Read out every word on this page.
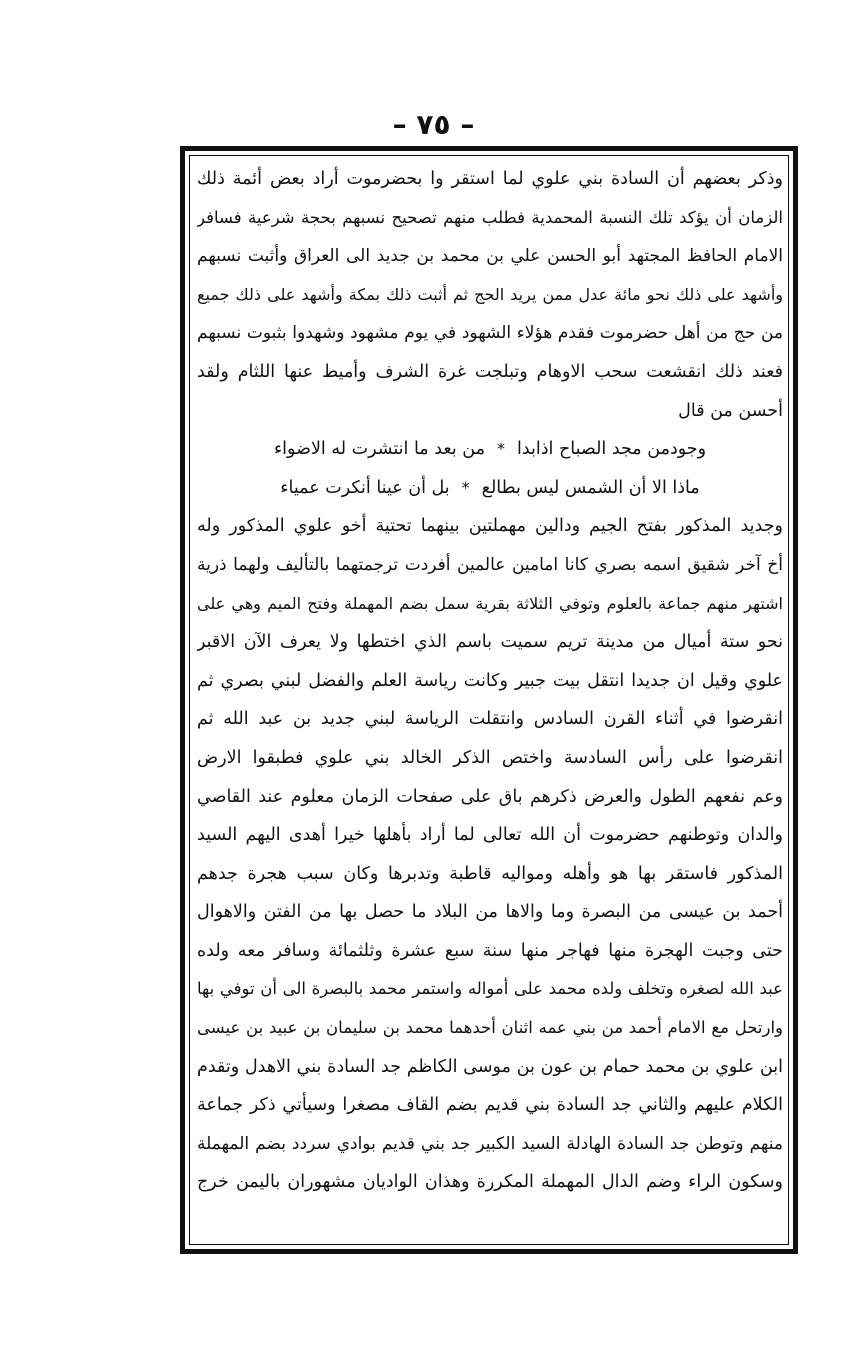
– ٧٥ –
وذكر بعضهم أن السادة بني علوي لما استقر وا بحضرموت أراد بعض أئمة ذلك
الزمان أن يؤكد تلك النسبة المحمدية فطلب منهم تصحيح نسبهم بحجة شرعية فسافر
الامام الحافظ المجتهد أبو الحسن علي بن محمد بن جديد الى العراق وأثبت نسبهم
وأشهد على ذلك نحو مائة عدل ممن يريد الحج ثم أثبت ذلك بمكة وأشهد على ذلك جميع
من حج من أهل حضرموت فقدم هؤلاء الشهود في يوم مشهود وشهدوا بثبوت نسبهم
فعند ذلك انقشعت سحب الاوهام وتبلجت غرة الشرف وأميط عنها اللثام ولقد
أحسن من قال
وجودمن مجد الصباح اذابدا
*
من بعد ما انتشرت له الاضواء
ماذا الا أن الشمس ليس بطالع
*
بل أن عينا أنكرت عمياء
وجديد المذكور بفتح الجيم ودالين مهملتين بينهما تحتية أخو علوي المذكور وله
أخ آخر شقيق اسمه بصري كانا امامين عالمين أفردت ترجمتهما بالتأليف ولهما ذرية
اشتهر منهم جماعة بالعلوم وتوفي الثلاثة بقرية سمل بضم المهملة وفتح الميم وهي على
نحو ستة أميال من مدينة تريم سميت باسم الذي اختطها ولا يعرف الآن الاقبر
علوي وقيل ان جديدا انتقل بيت جبير وكانت رياسة العلم والفضل لبني بصري ثم
انقرضوا في أثناء القرن السادس وانتقلت الرياسة لبني جديد بن عبد الله ثم
انقرضوا على رأس السادسة واختص الذكر الخالد بني علوي فطبقوا الارض
وعم نفعهم الطول والعرض ذكرهم باق على صفحات الزمان معلوم عند القاصي
والدان وتوطنهم حضرموت أن الله تعالى لما أراد بأهلها خيرا أهدى اليهم السيد
المذكور فاستقر بها هو وأهله ومواليه قاطبة وتدبرها وكان سبب هجرة جدهم
أحمد بن عيسى من البصرة وما والاها من البلاد ما حصل بها من الفتن والاهوال
حتى وجبت الهجرة منها فهاجر منها سنة سبع عشرة وثلثمائة وسافر معه ولده
عبد الله لصغره وتخلف ولده محمد على أمواله واستمر محمد بالبصرة الى أن توفي بها
وارتحل مع الامام أحمد من بني عمه اثنان أحدهما محمد بن سليمان بن عبيد بن عيسى
ابن علوي بن محمد حمام بن عون بن موسى الكاظم جد السادة بني الاهدل وتقدم
الكلام عليهم والثاني جد السادة بني قديم بضم القاف مصغرا وسيأتي ذكر جماعة
منهم وتوطن جد السادة الهادلة السيد الكبير جد بني قديم بوادي سردد بضم المهملة
وسكون الراء وضم الدال المهملة المكررة وهذان الواديان مشهوران باليمن خرج
